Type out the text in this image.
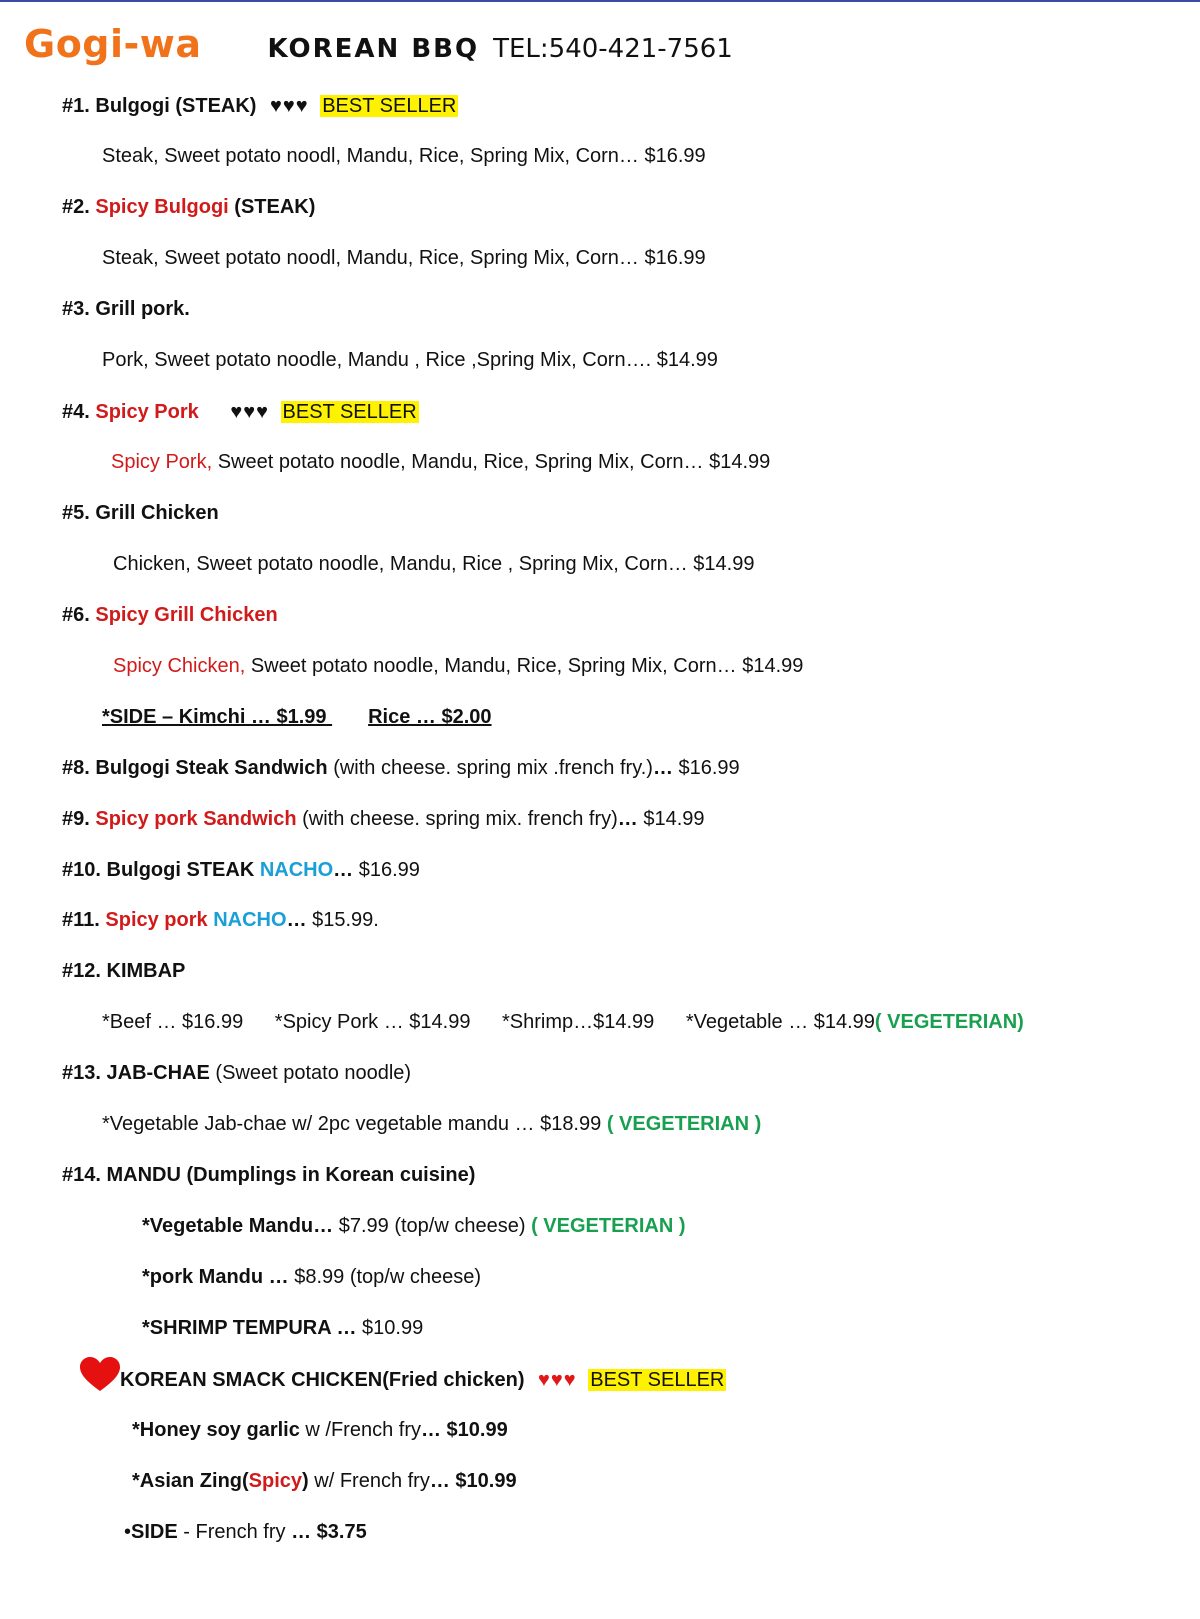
Gogi-wa	KOREAN BBQ TEL:540-421-7561
#1. Bulgogi (STEAK) ♥♥♥ BEST SELLER
Steak, Sweet potato noodl, Mandu, Rice, Spring Mix, Corn… $16.99
#2. Spicy Bulgogi (STEAK)
Steak, Sweet potato noodl, Mandu, Rice, Spring Mix, Corn… $16.99
#3. Grill pork.
Pork, Sweet potato noodle, Mandu , Rice ,Spring Mix, Corn…. $14.99
#4. Spicy Pork ♥♥♥ BEST SELLER
Spicy Pork, Sweet potato noodle, Mandu, Rice, Spring Mix, Corn… $14.99
#5. Grill Chicken
Chicken, Sweet potato noodle, Mandu, Rice , Spring Mix, Corn… $14.99
#6. Spicy Grill Chicken
Spicy Chicken, Sweet potato noodle, Mandu, Rice, Spring Mix, Corn… $14.99
*SIDE – Kimchi … $1.99 Rice … $2.00
#8. Bulgogi Steak Sandwich (with cheese. spring mix .french fry.)… $16.99
#9. Spicy pork Sandwich (with cheese. spring mix. french fry)… $14.99
#10. Bulgogi STEAK NACHO… $16.99
#11. Spicy pork NACHO… $15.99.
#12. KIMBAP
*Beef … $16.99 *Spicy Pork … $14.99 *Shrimp…$14.99 *Vegetable … $14.99( VEGETERIAN)
#13. JAB-CHAE (Sweet potato noodle)
*Vegetable Jab-chae w/ 2pc vegetable mandu … $18.99 ( VEGETERIAN )
#14. MANDU (Dumplings in Korean cuisine)
*Vegetable Mandu… $7.99 (top/w cheese) ( VEGETERIAN )
*pork Mandu … $8.99 (top/w cheese)
*SHRIMP TEMPURA … $10.99
KOREAN SMACK CHICKEN(Fried chicken) ♥♥♥ BEST SELLER
*Honey soy garlic w /French fry… $10.99
*Asian Zing(Spicy) w/ French fry… $10.99
•SIDE - French fry … $3.75
